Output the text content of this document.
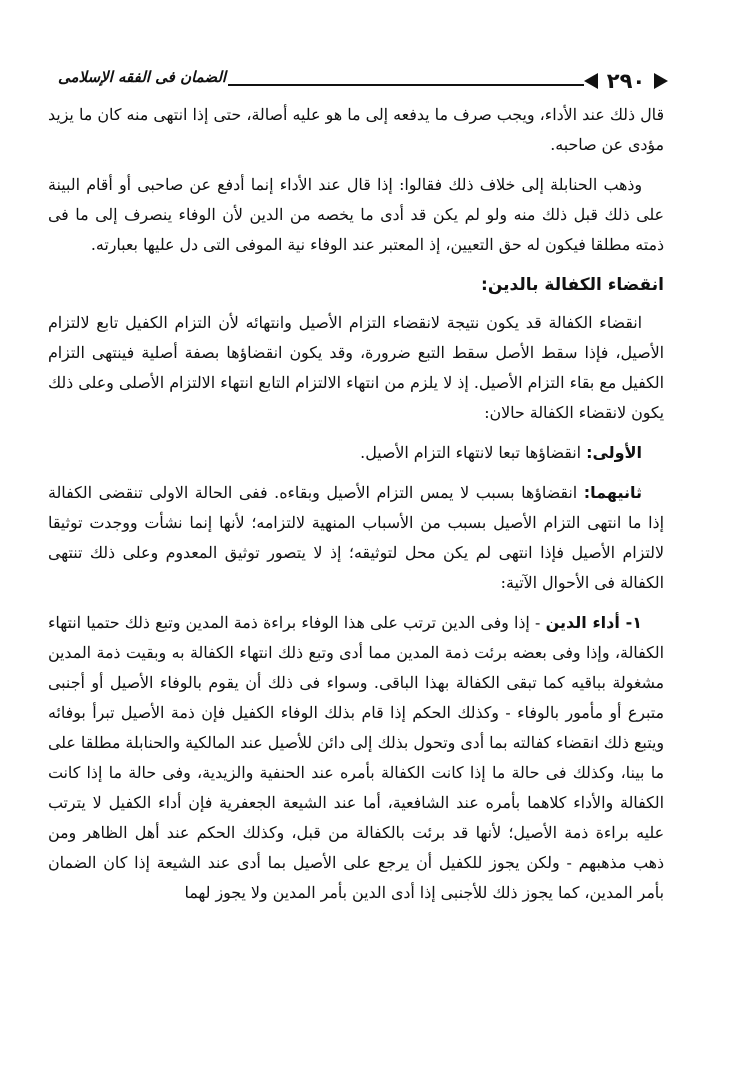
الضمان فى الفقه الإسلامى	٢٩٠

قال ذلك عند الأداء، ويجب صرف ما يدفعه إلى ما هو عليه أصالة، حتى إذا انتهى منه كان ما يزيد مؤدى عن صاحبه.

وذهب الحنابلة إلى خلاف ذلك فقالوا: إذا قال عند الأداء إنما أدفع عن صاحبى أو أقام البينة على ذلك قبل ذلك منه ولو لم يكن قد أدى ما يخصه من الدين لأن الوفاء ينصرف إلى ما فى ذمته مطلقا فيكون له حق التعيين، إذ المعتبر عند الوفاء نية الموفى التى دل عليها بعبارته.

انقضاء الكفالة بالدين:

انقضاء الكفالة قد يكون نتيجة لانقضاء التزام الأصيل وانتهائه لأن التزام الكفيل تابع لالتزام الأصيل، فإذا سقط الأصل سقط التبع ضرورة، وقد يكون انقضاؤها بصفة أصلية فينتهى التزام الكفيل مع بقاء التزام الأصيل. إذ لا يلزم من انتهاء الالتزام التابع انتهاء الالتزام الأصلى وعلى ذلك يكون لانقضاء الكفالة حالان:

الأولى: انقضاؤها تبعا لانتهاء التزام الأصيل.

ثانيهما: انقضاؤها بسبب لا يمس التزام الأصيل وبقاءه. ففى الحالة الاولى تنقضى الكفالة إذا ما انتهى التزام الأصيل بسبب من الأسباب المنهية لالتزامه؛ لأنها إنما نشأت ووجدت توثيقا لالتزام الأصيل فإذا انتهى لم يكن محل لتوثيقه؛ إذ لا يتصور توثيق المعدوم وعلى ذلك تنتهى الكفالة فى الأحوال الآتية:

١- أداء الدين - إذا وفى الدين ترتب على هذا الوفاء براءة ذمة المدين وتبع ذلك حتميا انتهاء الكفالة، وإذا وفى بعضه برئت ذمة المدين مما أدى وتبع ذلك انتهاء الكفالة به وبقيت ذمة المدين مشغولة بباقيه كما تبقى الكفالة بهذا الباقى. وسواء فى ذلك أن يقوم بالوفاء الأصيل أو أجنبى متبرع أو مأمور بالوفاء - وكذلك الحكم إذا قام بذلك الوفاء الكفيل فإن ذمة الأصيل تبرأ بوفائه ويتبع ذلك انقضاء كفالته بما أدى وتحول بذلك إلى دائن للأصيل عند المالكية والحنابلة مطلقا على ما بينا، وكذلك فى حالة ما إذا كانت الكفالة بأمره عند الحنفية والزيدية، وفى حالة ما إذا كانت الكفالة والأداء كلاهما بأمره عند الشافعية، أما عند الشيعة الجعفرية فإن أداء الكفيل لا يترتب عليه براءة ذمة الأصيل؛ لأنها قد برئت بالكفالة من قبل، وكذلك الحكم عند أهل الظاهر ومن ذهب مذهبهم - ولكن يجوز للكفيل أن يرجع على الأصيل بما أدى عند الشيعة إذا كان الضمان بأمر المدين، كما يجوز ذلك للأجنبى إذا أدى الدين بأمر المدين ولا يجوز لهما
